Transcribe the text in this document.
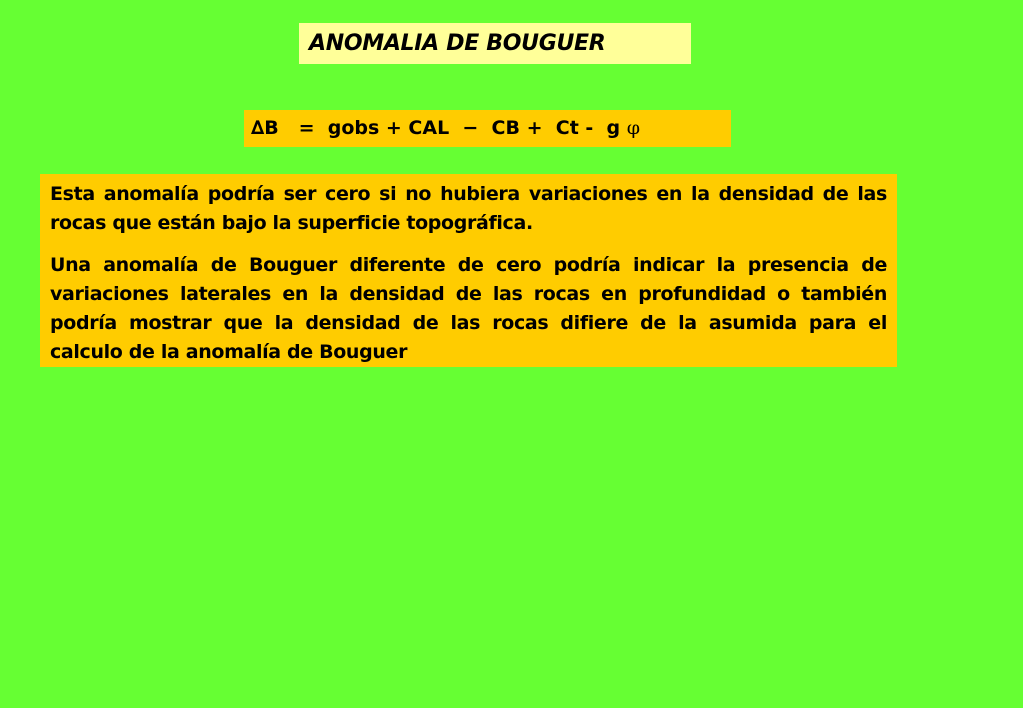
ANOMALIA DE BOUGUER
∆B   =  gobs + CAL  −  CB +  Ct -  g φ

Esta anomalía podría ser cero si no hubiera variaciones en la densidad de las rocas que están bajo la superficie topográfica.

Una anomalía de Bouguer diferente de cero podría indicar la presencia de variaciones laterales en la densidad de las rocas en profundidad o también podría mostrar que la densidad de las rocas difiere de la asumida para el calculo de la anomalía de Bouguer
